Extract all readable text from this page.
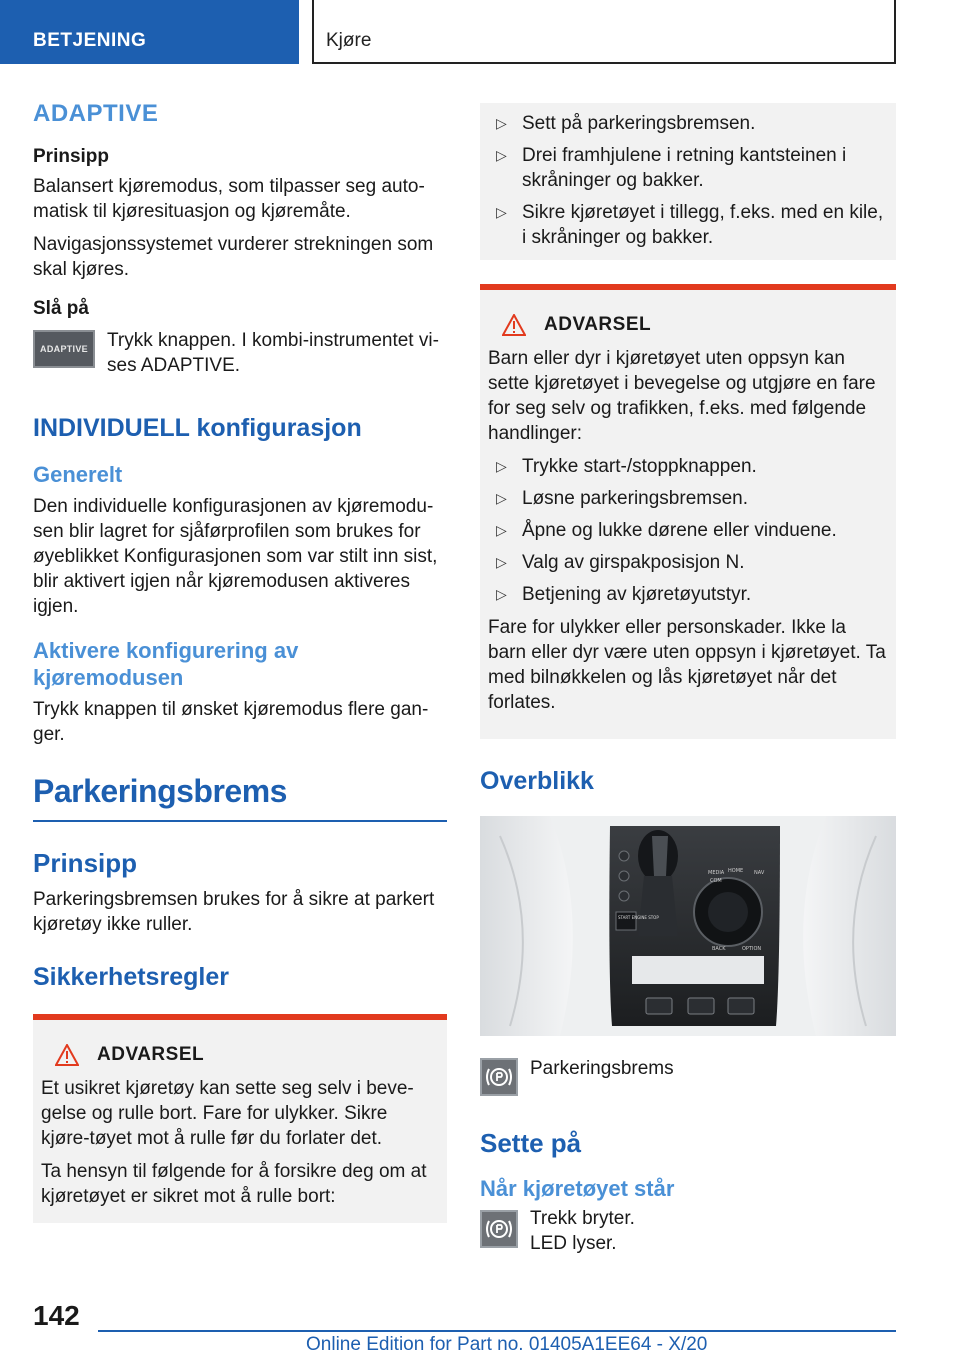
BETJENING	Kjøre
ADAPTIVE
Prinsipp

Balansert kjøremodus, som tilpasser seg auto-matisk til kjøresituasjon og kjøremåte.

Navigasjonssystemet vurderer strekningen som skal kjøres.

Slå på
ADAPTIVE	Trykk knappen. I kombi-instrumentet vi-ses ADAPTIVE.

INDIVIDUELL konfigurasjon
Generelt

Den individuelle konfigurasjonen av kjøremodu-sen blir lagret for sjåførprofilen som brukes for øyeblikket Konfigurasjonen som var stilt inn sist, blir aktivert igjen når kjøremodusen aktiveres igjen.

Aktivere konfigurering av kjøremodusen

Trykk knappen til ønsket kjøremodus flere gan-ger.

Parkeringsbrems
Prinsipp

Parkeringsbremsen brukes for å sikre at parkert kjøretøy ikke ruller.

Sikkerhetsregler
ADVARSEL

Et usikret kjøretøy kan sette seg selv i beve-gelse og rulle bort. Fare for ulykker. Sikre kjøre-tøyet mot å rulle før du forlater det.

Ta hensyn til følgende for å forsikre deg om at kjøretøyet er sikret mot å rulle bort:

▷ Sett på parkeringsbremsen.
▷ Drei framhjulene i retning kantsteinen i skråninger og bakker.
▷ Sikre kjøretøyet i tillegg, f.eks. med en kile, i skråninger og bakker.
ADVARSEL

Barn eller dyr i kjøretøyet uten oppsyn kan sette kjøretøyet i bevegelse og utgjøre en fare for seg selv og trafikken, f.eks. med følgende handlinger:

▷ Trykke start-/stoppknappen.
▷ Løsne parkeringsbremsen.
▷ Åpne og lukke dørene eller vinduene.
▷ Valg av girspakposisjon N.
▷ Betjening av kjøretøyutstyr.

Fare for ulykker eller personskader. Ikke la barn eller dyr være uten oppsyn i kjøretøyet. Ta med bilnøkkelen og lås kjøretøyet når det forlates.

Overblikk
MEDIA HOME NAV
COM
BACK	OPTION
START ENGINE STOP

Parkeringsbrems

Sette på
Når kjøretøyet står

Trekk bryter.

LED lyser.

142
Online Edition for Part no. 01405A1EE64 - X/20
